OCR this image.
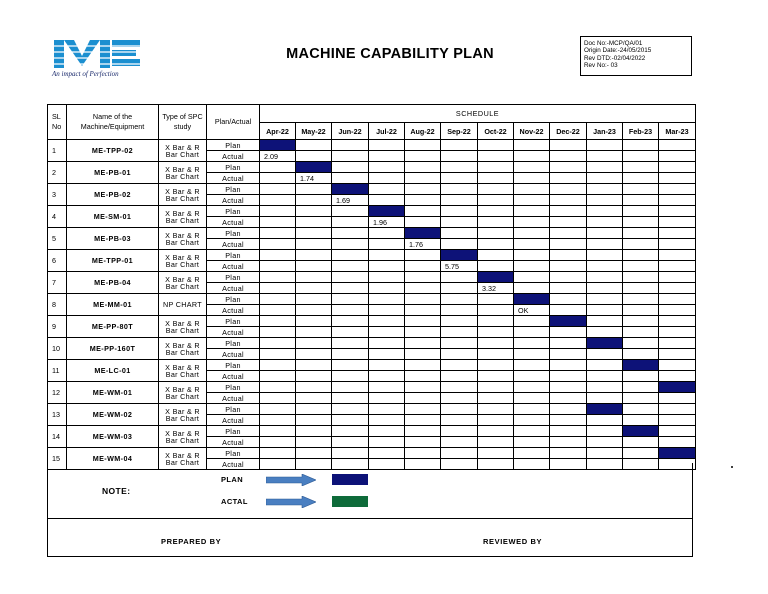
An impact of Perfection
MACHINE CAPABILITY PLAN
Doc No:-MCP/QA/01
Origin Date:-24/05/2015
Rev DTD:-02/04/2022
Rev No:- 03
SL
No	Name of the Machine/Equipment	Type of SPC study	Plan/Actual	SCHEDULE											
				Apr-22	May-22	Jun-22	Jul-22	Aug-22	Sep-22	Oct-22	Nov-22	Dec-22	Jan-23	Feb-23	Mar-23
1	ME-TPP-02	X Bar & R Bar Chart	Plan												
			Actual	2.09											
2	ME-PB-01	X Bar & R Bar Chart	Plan												
			Actual		1.74										
3	ME-PB-02	X Bar & R Bar Chart	Plan												
			Actual			1.69									
4	ME-SM-01	X Bar & R Bar Chart	Plan												
			Actual				1.96								
5	ME-PB-03	X Bar & R Bar Chart	Plan												
			Actual					1.76							
6	ME-TPP-01	X Bar & R Bar Chart	Plan												
			Actual						5.75						
7	ME-PB-04	X Bar & R Bar Chart	Plan												
			Actual							3.32					
8	ME-MM-01	NP CHART	Plan												
			Actual								OK				
9	ME-PP-80T	X Bar & R Bar Chart	Plan												
			Actual												
10	ME-PP-160T	X Bar & R Bar Chart	Plan												
			Actual												
11	ME-LC-01	X Bar & R Bar Chart	Plan												
			Actual												
12	ME-WM-01	X Bar & R Bar Chart	Plan												
			Actual												
13	ME-WM-02	X Bar & R Bar Chart	Plan												
			Actual												
14	ME-WM-03	X Bar & R Bar Chart	Plan												
			Actual												
15	ME-WM-04	X Bar & R Bar Chart	Plan												
			Actual												
NOTE:
PLAN
ACTAL
PREPARED BY	REVIEWED BY
